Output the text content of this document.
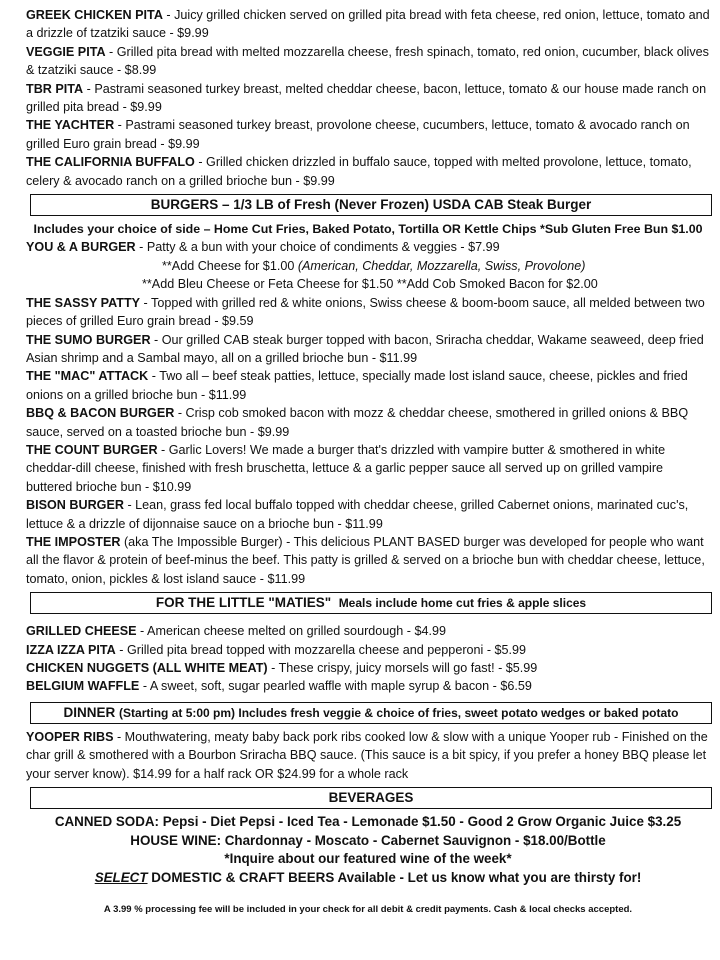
GREEK CHICKEN PITA - Juicy grilled chicken served on grilled pita bread with feta cheese, red onion, lettuce, tomato and a drizzle of tzatziki sauce - $9.99
VEGGIE PITA - Grilled pita bread with melted mozzarella cheese, fresh spinach, tomato, red onion, cucumber, black olives & tzatziki sauce - $8.99
TBR PITA - Pastrami seasoned turkey breast, melted cheddar cheese, bacon, lettuce, tomato & our house made ranch on grilled pita bread - $9.99
THE YACHTER - Pastrami seasoned turkey breast, provolone cheese, cucumbers, lettuce, tomato & avocado ranch on grilled Euro grain bread - $9.99
THE CALIFORNIA BUFFALO - Grilled chicken drizzled in buffalo sauce, topped with melted provolone, lettuce, tomato, celery & avocado ranch on a grilled brioche bun - $9.99
BURGERS – 1/3 LB of Fresh (Never Frozen) USDA CAB Steak Burger
Includes your choice of side – Home Cut Fries, Baked Potato, Tortilla OR Kettle Chips *Sub Gluten Free Bun $1.00
YOU & A BURGER - Patty & a bun with your choice of condiments & veggies - $7.99
**Add Cheese for $1.00 (American, Cheddar, Mozzarella, Swiss, Provolone)
**Add Bleu Cheese or Feta Cheese for $1.50 **Add Cob Smoked Bacon for $2.00
THE SASSY PATTY - Topped with grilled red & white onions, Swiss cheese & boom-boom sauce, all melded between two pieces of grilled Euro grain bread - $9.59
THE SUMO BURGER - Our grilled CAB steak burger topped with bacon, Sriracha cheddar, Wakame seaweed, deep fried Asian shrimp and a Sambal mayo, all on a grilled brioche bun - $11.99
THE "MAC" ATTACK - Two all – beef steak patties, lettuce, specially made lost island sauce, cheese, pickles and fried onions on a grilled brioche bun - $11.99
BBQ & BACON BURGER - Crisp cob smoked bacon with mozz & cheddar cheese, smothered in grilled onions & BBQ sauce, served on a toasted brioche bun - $9.99
THE COUNT BURGER - Garlic Lovers! We made a burger that's drizzled with vampire butter & smothered in white cheddar-dill cheese, finished with fresh bruschetta, lettuce & a garlic pepper sauce all served up on grilled vampire buttered brioche bun - $10.99
BISON BURGER - Lean, grass fed local buffalo topped with cheddar cheese, grilled Cabernet onions, marinated cuc's, lettuce & a drizzle of dijonnaise sauce on a brioche bun - $11.99
THE IMPOSTER (aka The Impossible Burger) - This delicious PLANT BASED burger was developed for people who want all the flavor & protein of beef-minus the beef. This patty is grilled & served on a brioche bun with cheddar cheese, lettuce, tomato, onion, pickles & lost island sauce - $11.99
FOR THE LITTLE "MATIES" Meals include home cut fries & apple slices
GRILLED CHEESE - American cheese melted on grilled sourdough - $4.99
IZZA IZZA PITA - Grilled pita bread topped with mozzarella cheese and pepperoni - $5.99
CHICKEN NUGGETS (ALL WHITE MEAT) - These crispy, juicy morsels will go fast! - $5.99
BELGIUM WAFFLE - A sweet, soft, sugar pearled waffle with maple syrup & bacon - $6.59
DINNER (Starting at 5:00 pm) Includes fresh veggie & choice of fries, sweet potato wedges or baked potato
YOOPER RIBS - Mouthwatering, meaty baby back pork ribs cooked low & slow with a unique Yooper rub - Finished on the char grill & smothered with a Bourbon Sriracha BBQ sauce. (This sauce is a bit spicy, if you prefer a honey BBQ please let your server know). $14.99 for a half rack OR $24.99 for a whole rack
BEVERAGES
CANNED SODA: Pepsi - Diet Pepsi - Iced Tea - Lemonade $1.50 - Good 2 Grow Organic Juice $3.25
HOUSE WINE: Chardonnay - Moscato - Cabernet Sauvignon - $18.00/Bottle
*Inquire about our featured wine of the week*
SELECT DOMESTIC & CRAFT BEERS Available - Let us know what you are thirsty for!
A 3.99 % processing fee will be included in your check for all debit & credit payments. Cash & local checks accepted.
